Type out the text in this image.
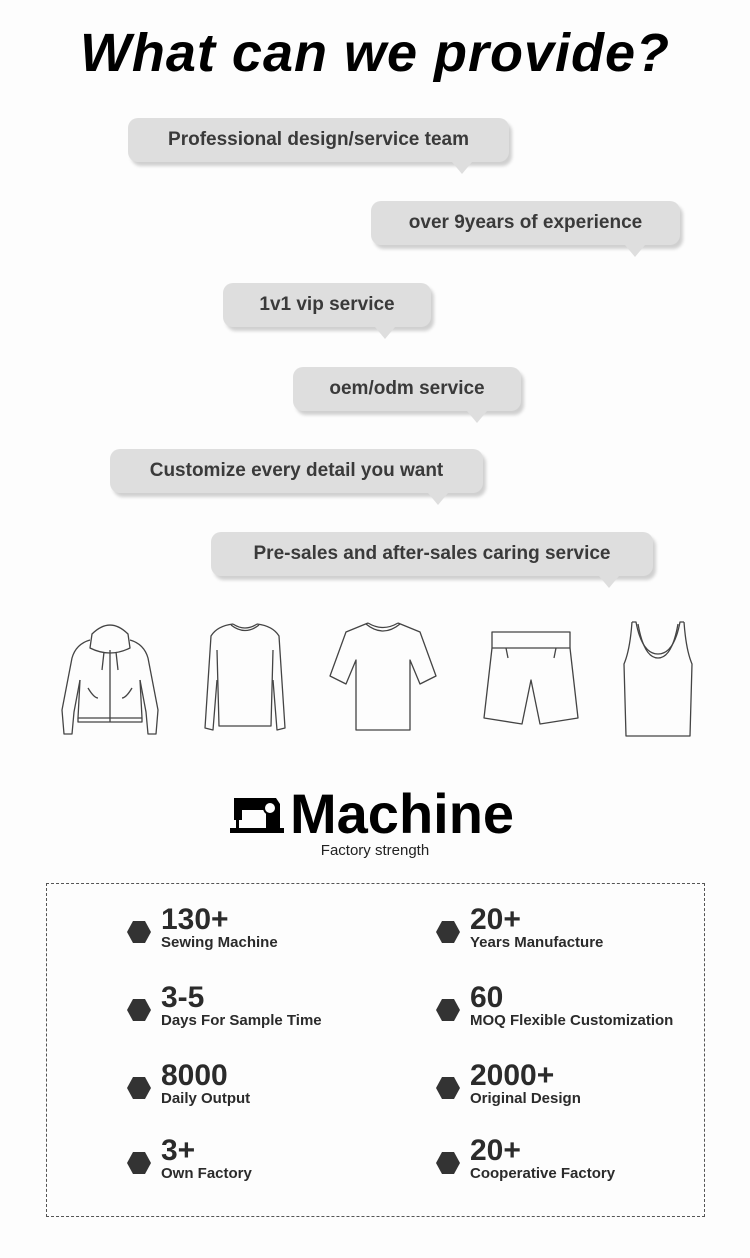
What can we provide?
Professional design/service team
over 9years of experience
1v1 vip service
oem/odm service
Customize every detail you want
Pre-sales and after-sales caring service
Machine
Factory strength
130+
Sewing Machine
20+
Years Manufacture
3-5
Days For Sample Time
60
MOQ Flexible Customization
8000
Daily Output
2000+
Original Design
3+
Own Factory
20+
Cooperative Factory
